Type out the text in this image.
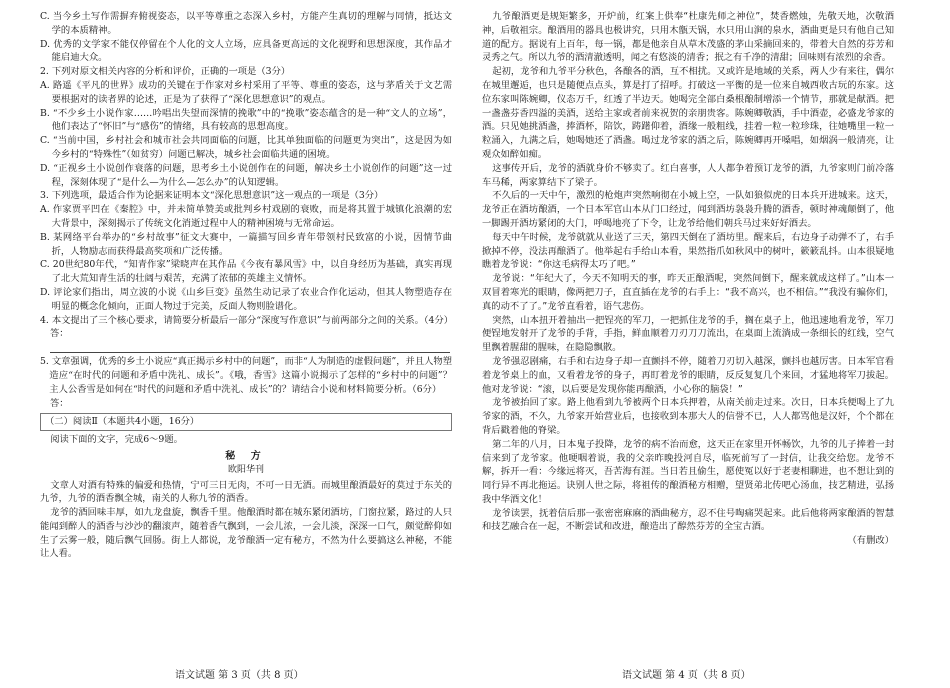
C. 当今乡土写作需摒弃俯视姿态，以平等尊重之态深入乡村，方能产生真切的理解与同情，抵达文学的本质精神。

D. 优秀的文学家不能仅停留在个人化的文人立场，应具备更高远的文化视野和思想深度，其作品才能启迪大众。

2. 下列对原文相关内容的分析和评价，正确的一项是（3分）

A. 路遥《平凡的世界》成功的关键在于作家对乡村采用了平等、尊重的姿态，这与茅盾关于文艺需要根据对的读者界的论述，正是为了获得了“深化思想意识”的观点。

B. “不少乡土小说作家……吟唱出失望而深情的挽歌”中的“挽歌”姿态蕴含的是一种“文人的立场”，他们表达了“怀旧”与“感伤”的情绪，具有较高的思想高度。

C. “当前中国，乡村社会和城市社会共同面临的问题，比其单独面临的问题更为突出”，这是因为如今乡村的“特殊性”（如贫穷）问题已解决，城乡社会面临共通的困境。

D. “正视乡土小说创作衰落的问题，思考乡土小说创作在的问题，解决乡土小说创作的问题”这一过程，深刻体现了“是什么—为什么—怎么办”的认知逻辑。

3. 下列选项，最适合作为论据来证明本文“深化思想意识”这一观点的一项是（3分）

A. 作家贾平凹在《秦腔》中，并未简单赞美或批判乡村戏剧的衰败，而是将其置于城镇化浪潮的宏大背景中，深刻揭示了传统文化消逝过程中人的精神困境与无常命运。

B. 某网络平台举办的“乡村故事”征文大赛中，一篇描写回乡青年带领村民致富的小说，因情节曲折，人物励志而获得最高奖项和广泛传播。

C. 20世纪80年代，“知青作家”梁晓声在其作品《今夜有暴风雪》中，以自身经历为基础，真实再现了北大荒知青生活的壮阔与艰苦，充满了浓郁的英雄主义情怀。

D. 评论家们指出，周立波的小说《山乡巨变》虽然生动记录了农业合作化运动，但其人物塑造存在明显的概念化倾向，正面人物过于完美，反面人物则脸谱化。

4. 本文提出了三个核心要求，请简要分析最后一部分“深度写作意识”与前两部分之间的关系。（4分）

答：

5. 文章强调，优秀的乡土小说应“真正揭示乡村中的问题”，而非“人为制造的虚假问题”，并且人物塑造应“在时代的问题和矛盾中洗礼、成长”。《哦，香雪》这篇小说揭示了怎样的“乡村中的问题”？主人公香雪是如何在“时代的问题和矛盾中洗礼、成长”的？请结合小说和材料简要分析。（6分）

答：

（二）阅读Ⅱ（本题共4小题，16分）

阅读下面的文字，完成6～9题。

秘 方

欧阳华刊

文章人对酒有特殊的偏爱和热情，宁可三日无肉，不可一日无酒。而城里酿酒最好的莫过于东关的九爷，九爷的酒香飘全城，南关的人称九爷的酒香。

龙爷的酒回味丰厚，如九龙盘旋，飘香千里。他酿酒时都在城东紧闭酒坊，门窗拉紧，路过的人只能闻到醉人的酒香与沙沙的翻滚声，随着香气飘到，一会儿浓，一会儿淡，深深一口气，颇觉醉仰如生了云雾一般，随后飘气回肠。街上人都说，龙爷酿酒一定有秘方，不然为什么要搞这么神秘，不能让人看。

九爷酿酒更是规矩繁多，开炉前，红案上供奉“杜康先师之神位”，焚香燃烛，先敬天地，次敬酒神，后敬祖宗。酿酒用的器具也极讲究，只用木甑天锅，水只用山涧的泉水，酒曲更是只有他自己知道的配方。据说有上百年，每一锅，都是他亲自从草木茂盛的茅山采摘回来的，带着大自然的芬芳和灵秀之气。所以九爷的酒清澈透明，闻之有悠淡的清香；抿之有千净的清甜；回味则有浓烈的余香。

起初，龙爷和九爷平分秋色，各酿各的酒，互不相扰。又或许是地域的关系，两人少有来往，偶尔在城里邂逅，也只是随便点点头，算是打了招呼。打破这一平衡的是一位来自城西收古玩的东家。这位东家叫陈婉卿，仪态万千，红透了半边天。她喝完全部白桑根酿制增添一个情节，那就是献酒。把一盏盏芬香四溢的美酒，送给主家或者前来祝贺的亲朋贵客。陈婉卿敬酒，手中酒壶，必盛龙爷家的酒。只见她挑酒盏，捧酒杯，陪饮，踌躇仰着，酒缘一般粗线，挂着一粒一粒珍珠，往她嘴里一粒一粒涌入，九满之后，她喝她还了酒盏。喝过龙爷家的酒之后，陈婉卿再开嗓唱，如烟涡一般清亮，让观众如醉如痴。

这事传开后，龙爷的酒就身价不够卖了。红白喜事，人人都争着预订龙爷的酒，九爷家则门前冷落车马稀，两家算结下了梁子。

不久后的一天中午，激烈的枪炮声突然响彻在小城上空，一队如狼似虎的日本兵开进城来。这天，龙爷正在酒坊酿酒，一个日本军官山本从门口经过，闻到酒坊袅袅升腾的酒香，顿时神魂颠倒了，他一脚踢开酒坊紧闭的大门，呼喝地亮了下令，让龙爷给他们朝兵马过来好好酒去。

每天中午时候，龙爷就就从业送了三天，第四天倒在了酒坊里。醒来后，右边身子动弹不了，右手掀掉不停，没法再酿酒了。他举起右手给山本看，果然指爪如秋风中的树叶，簌簌乱抖。山本很疑地瞧着龙爷说：“你这毛病得太巧了吧。”

龙爷说：“年纪大了，今天不知明天的事，昨天正酿酒呢，突然间倒下，醒来就成这样了。”山本一双冒着寒光的眼睛，像两把刀子，直直插在龙爷的右手上：“我不高兴，也不相信。”“我没有骗你们，真的动不了了。”龙爷直看着，语气悲伤。

突然，山本扭开着抽出一把锃亮的军刀，一把抓住龙爷的手，搁在桌子上，他迅速地看龙爷，军刀便锃地发射开了龙爷的手背，手指，鲜血顺着刀刃刀刀流出，在桌面上流淌成一条细长的红线，空气里飘着腥甜的腥味，在隐隐飘散。

龙爷强忍剧痛，右手和右边身子却一直颤抖不停，随着刀刃切入越深，颤抖也越厉害。日本军官看着龙爷桌上的血，又看着龙爷的身子，再盯着龙爷的眼睛，反反复复几个来回，才猛地将军刀拔起。他对龙爷说：“滚，以后要是发现你能再酿酒，小心你的脑袋！”

龙爷被抬回了家。路上他看到九爷被两个日本兵押着，从南关前走过来。次日，日本兵便喝上了九爷家的酒，不久，九爷家开始营业后，也接收到本那大人的信誉不已，人人都骂他是汉奸，个个都在背后戳着他的脊梁。

第二年的八月，日本鬼子投降，龙爷的病不治而愈，这天正在家里开怀畅饮，九爷的儿子捧着一封信来到了龙爷家。他哽咽着说，我的父亲昨晚投河自尽，临死前写了一封信，让我交给您。龙爷不解，拆开一看：今缘远将灭，吾苦海有涯。当日若且偷生，愿使冤以好于老妻相聊进，也不想让到的同行异不再北拖运。诀别人世之际，将祖传的酿酒秘方相赠，望贤弟北传吧心汤血，技艺精进，弘扬我中华酒文化！

龙爷读罢，抚着信后那一张密密麻麻的酒曲秘方，忍不住号啕痛哭起来。此后他将两家酿酒的智慧和技艺融合在一起，不断尝试和改进，酿造出了醇然芬芳的全宝古酒。

（有删改）

语文试题 第 3 页（共 8 页）	语文试题 第 4 页（共 8 页）
